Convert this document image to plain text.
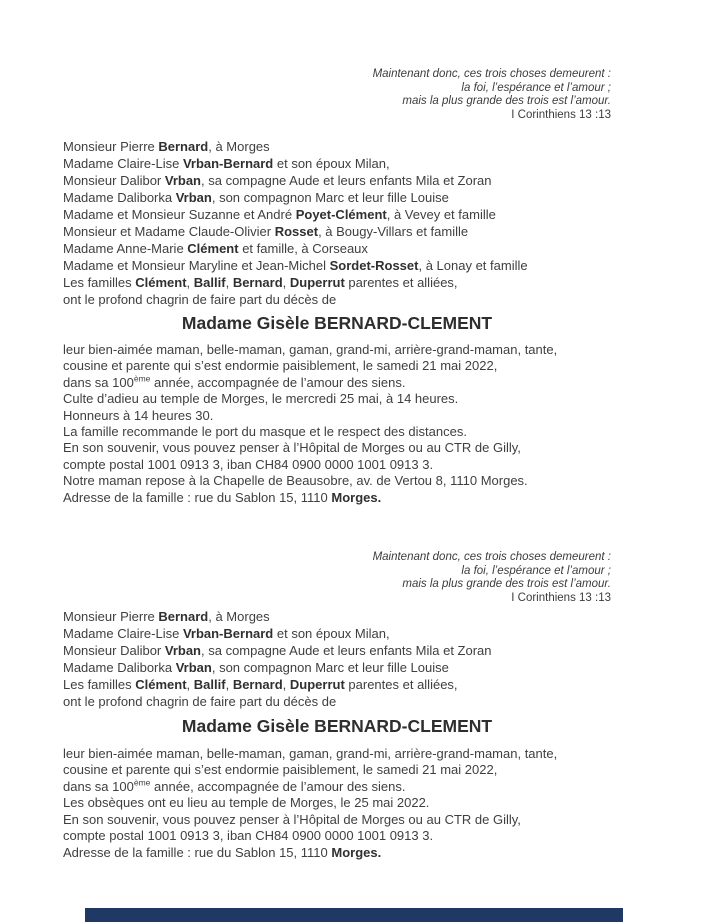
Maintenant donc, ces trois choses demeurent :
la foi, l’espérance et l’amour ;
mais la plus grande des trois est l’amour.
I Corinthiens 13 :13
Monsieur Pierre Bernard, à Morges
Madame Claire-Lise Vrban-Bernard et son époux Milan,
Monsieur Dalibor Vrban, sa compagne Aude et leurs enfants Mila et Zoran
Madame Daliborka Vrban, son compagnon Marc et leur fille Louise
Madame et Monsieur Suzanne et André Poyet-Clément, à Vevey et famille
Monsieur et Madame Claude-Olivier Rosset, à Bougy-Villars et famille
Madame Anne-Marie Clément et famille, à Corseaux
Madame et Monsieur Maryline et Jean-Michel Sordet-Rosset, à Lonay et famille
Les familles Clément, Ballif, Bernard, Duperrut parentes et alliées,
ont le profond chagrin de faire part du décès de
Madame Gisèle BERNARD-CLEMENT
leur bien-aimée maman, belle-maman, gaman, grand-mi, arrière-grand-maman, tante,
cousine et parente qui s’est endormie paisiblement, le samedi 21 mai 2022,
dans sa 100ème année, accompagnée de l’amour des siens.
Culte d’adieu au temple de Morges, le mercredi 25 mai, à 14 heures.
Honneurs à 14 heures 30.
La famille recommande le port du masque et le respect des distances.
En son souvenir, vous pouvez penser à l’Hôpital de Morges ou au CTR de Gilly,
compte postal 1001 0913 3, iban CH84 0900 0000 1001 0913 3.
Notre maman repose à la Chapelle de Beausobre, av. de Vertou 8, 1110 Morges.
Adresse de la famille : rue du Sablon 15, 1110 Morges.
Maintenant donc, ces trois choses demeurent :
la foi, l’espérance et l’amour ;
mais la plus grande des trois est l’amour.
I Corinthiens 13 :13
Monsieur Pierre Bernard, à Morges
Madame Claire-Lise Vrban-Bernard et son époux Milan,
Monsieur Dalibor Vrban, sa compagne Aude et leurs enfants Mila et Zoran
Madame Daliborka Vrban, son compagnon Marc et leur fille Louise
Les familles Clément, Ballif, Bernard, Duperrut parentes et alliées,
ont le profond chagrin de faire part du décès de
Madame Gisèle BERNARD-CLEMENT
leur bien-aimée maman, belle-maman, gaman, grand-mi, arrière-grand-maman, tante,
cousine et parente qui s’est endormie paisiblement, le samedi 21 mai 2022,
dans sa 100ème année, accompagnée de l’amour des siens.
Les obsèques ont eu lieu au temple de Morges, le 25 mai 2022.
En son souvenir, vous pouvez penser à l’Hôpital de Morges ou au CTR de Gilly,
compte postal 1001 0913 3, iban CH84 0900 0000 1001 0913 3.
Adresse de la famille : rue du Sablon 15, 1110 Morges.
